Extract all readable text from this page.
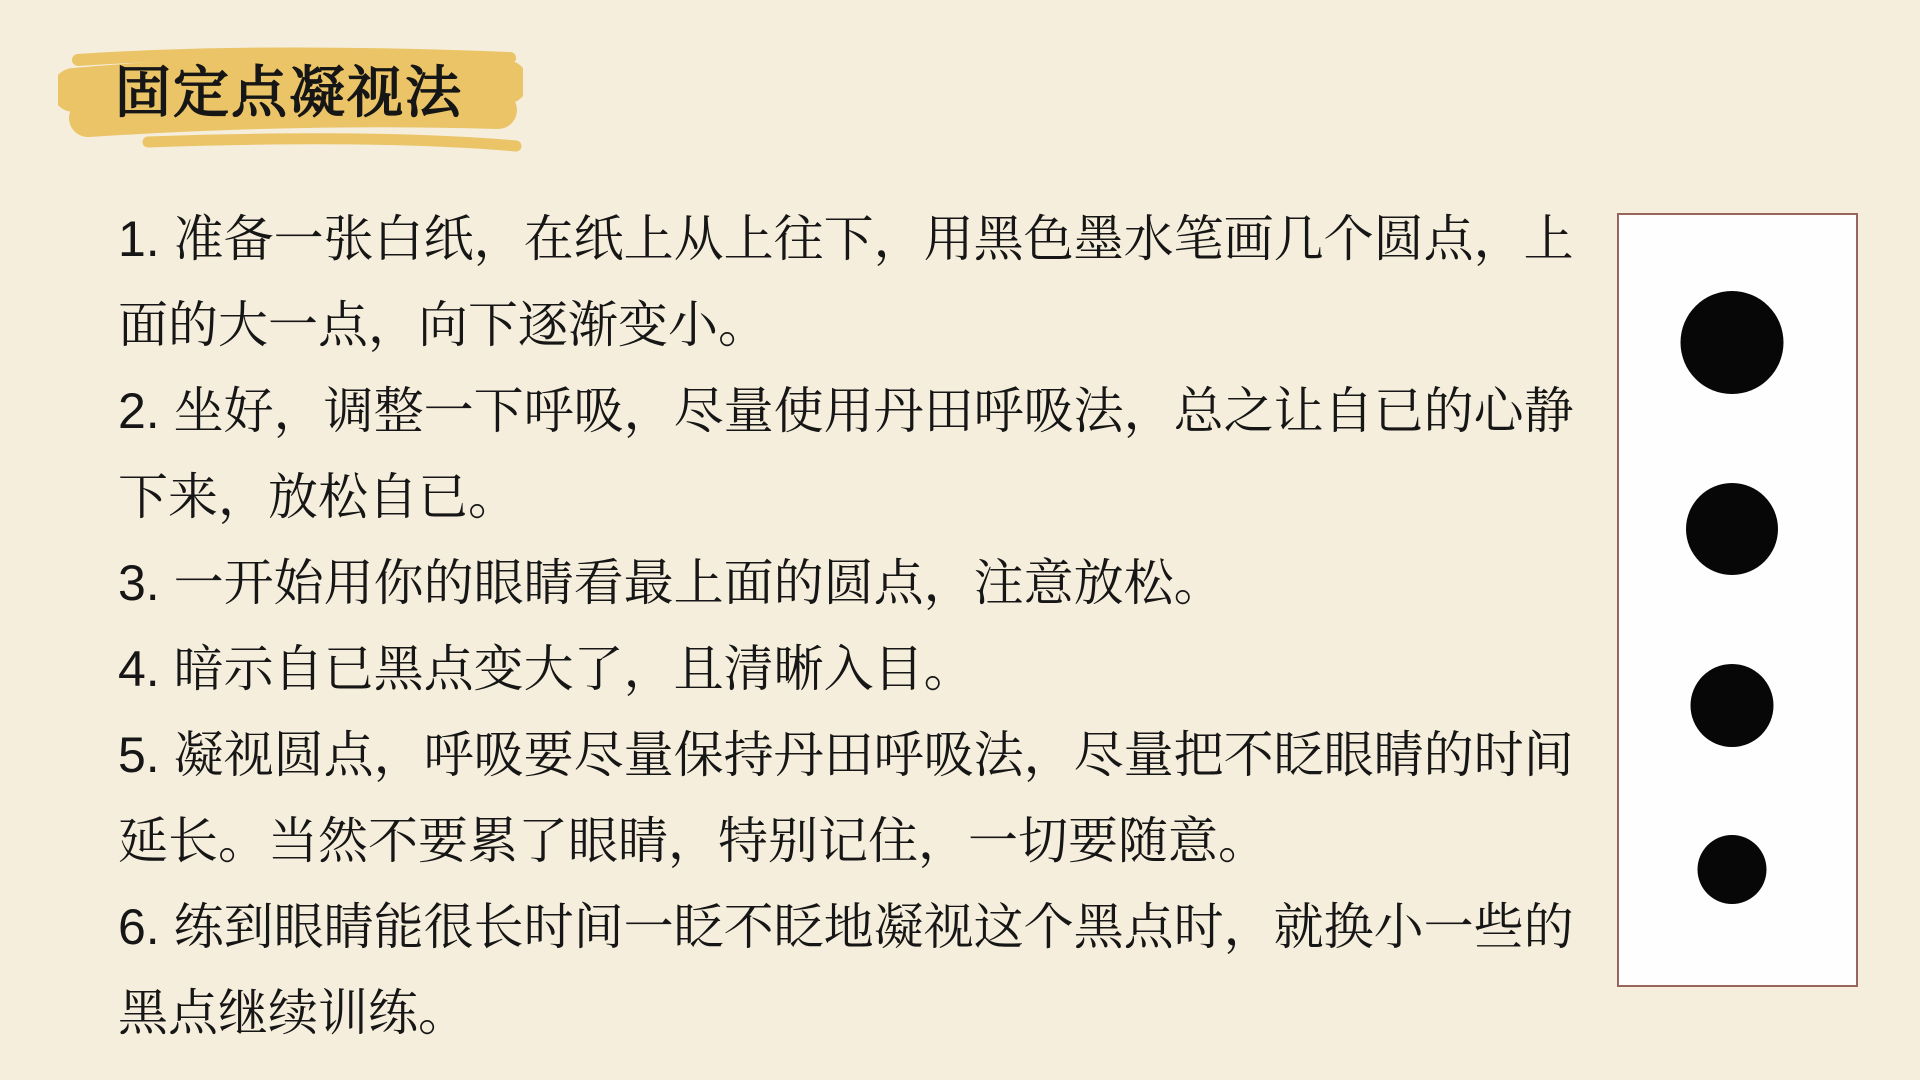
固定点凝视法
1. 准备一张白纸，在纸上从上往下，用黑色墨水笔画几个圆点，上面的大一点，向下逐渐变小。
2. 坐好，调整一下呼吸，尽量使用丹田呼吸法，总之让自已的心静下来，放松自已。
3. 一开始用你的眼睛看最上面的圆点，注意放松。
4. 暗示自已黑点变大了，且清晰入目。
5. 凝视圆点，呼吸要尽量保持丹田呼吸法，尽量把不眨眼睛的时间延长。当然不要累了眼睛，特别记住，一切要随意。
6. 练到眼睛能很长时间一眨不眨地凝视这个黑点时，就换小一些的黑点继续训练。
